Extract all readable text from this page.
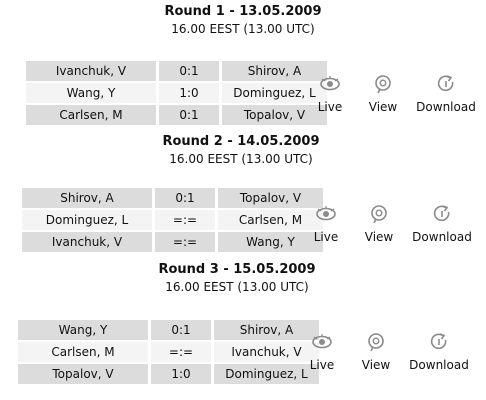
Round 1 - 13.05.2009
16.00 EEST (13.00 UTC)
Ivanchuk, V		0:1		Shirov, A
Wang, Y		1:0		Dominguez, L
Carlsen, M		0:1		Topalov, V
Live	View	Download
Round 2 - 14.05.2009
16.00 EEST (13.00 UTC)
Shirov, A		0:1		Topalov, V
Dominguez, L		=:=		Carlsen, M
Ivanchuk, V		=:=		Wang, Y	Live	View	Download
Round 3 - 15.05.2009
16.00 EEST (13.00 UTC)
Wang, Y		0:1		Shirov, A
Carlsen, M		=:=		Ivanchuk, V
Topalov, V		1:0		Dominguez, L
Live	View	Download
